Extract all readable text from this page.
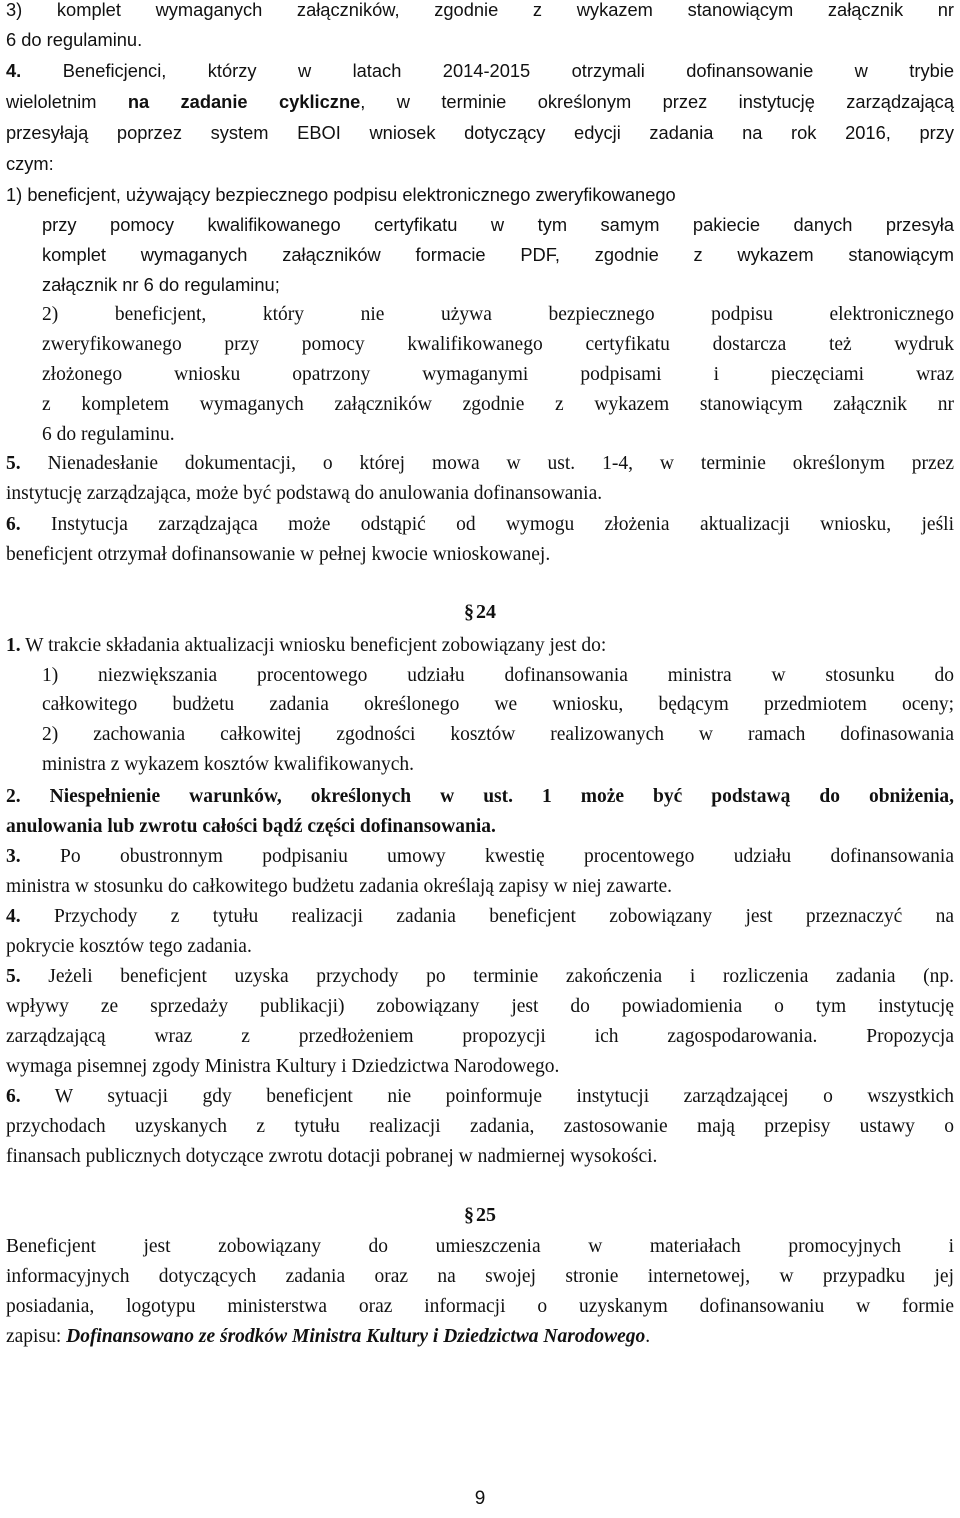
3) komplet wymaganych załączników, zgodnie z wykazem stanowiącym załącznik nr
6 do regulaminu.
4. Beneficjenci, którzy w latach 2014-2015 otrzymali dofinansowanie w trybie
wieloletnim na zadanie cykliczne, w terminie określonym przez instytucję zarządzającą
przesyłają poprzez system EBOI wniosek dotyczący edycji zadania na rok 2016, przy
czym:
1) beneficjent, używający bezpiecznego podpisu elektronicznego zweryfikowanego
przy pomocy kwalifikowanego certyfikatu w tym samym pakiecie danych przesyła
komplet wymaganych załączników formacie PDF, zgodnie z wykazem stanowiącym
załącznik nr 6 do regulaminu;
2) beneficjent, który nie używa bezpiecznego podpisu elektronicznego
zweryfikowanego przy pomocy kwalifikowanego certyfikatu dostarcza też wydruk
złożonego wniosku opatrzony wymaganymi podpisami i pieczęciami wraz
z kompletem wymaganych załączników zgodnie z wykazem stanowiącym załącznik nr
6 do regulaminu.
5. Nienadesłanie dokumentacji, o której mowa w ust. 1-4, w terminie określonym przez
instytucję zarządzająca, może być podstawą do anulowania dofinansowania.
6. Instytucja zarządzająca może odstąpić od wymogu złożenia aktualizacji wniosku, jeśli
beneficjent otrzymał dofinansowanie w pełnej kwocie wnioskowanej.
§ 24
1. W trakcie składania aktualizacji wniosku beneficjent zobowiązany jest do:
1) niezwiększania procentowego udziału dofinansowania ministra w stosunku do
całkowitego budżetu zadania określonego we wniosku, będącym przedmiotem oceny;
2) zachowania całkowitej zgodności kosztów realizowanych w ramach dofinasowania
ministra z wykazem kosztów kwalifikowanych.
2. Niespełnienie warunków, określonych w ust. 1 może być podstawą do obniżenia,
anulowania lub zwrotu całości bądź części dofinansowania.
3. Po obustronnym podpisaniu umowy kwestię procentowego udziału dofinansowania
ministra w stosunku do całkowitego budżetu zadania określają zapisy w niej zawarte.
4. Przychody z tytułu realizacji zadania beneficjent zobowiązany jest przeznaczyć na
pokrycie kosztów tego zadania.
5. Jeżeli beneficjent uzyska przychody po terminie zakończenia i rozliczenia zadania (np.
wpływy ze sprzedaży publikacji) zobowiązany jest do powiadomienia o tym instytucję
zarządzającą wraz z przedłożeniem propozycji ich zagospodarowania. Propozycja
wymaga pisemnej zgody Ministra Kultury i Dziedzictwa Narodowego.
6. W sytuacji gdy beneficjent nie poinformuje instytucji zarządzającej o wszystkich
przychodach uzyskanych z tytułu realizacji zadania, zastosowanie mają przepisy ustawy o
finansach publicznych dotyczące zwrotu dotacji pobranej w nadmiernej wysokości.
§ 25
Beneficjent jest zobowiązany do umieszczenia w materiałach promocyjnych i
informacyjnych dotyczących zadania oraz na swojej stronie internetowej, w przypadku jej
posiadania, logotypu ministerstwa oraz informacji o uzyskanym dofinansowaniu w formie
zapisu: Dofinansowano ze środków Ministra Kultury i Dziedzictwa Narodowego.
9
